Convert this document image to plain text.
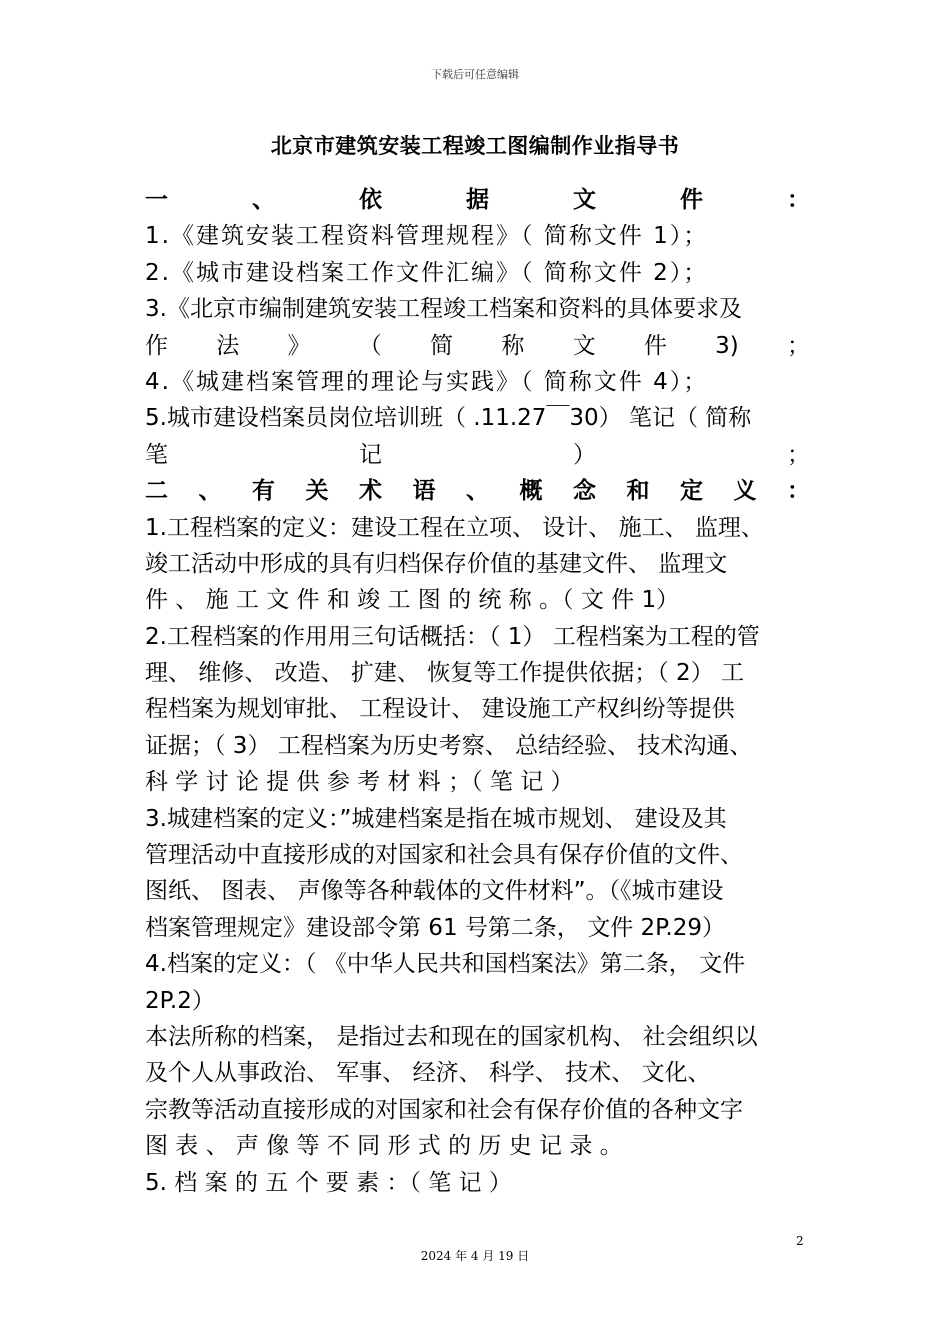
下载后可任意编辑
北京市建筑安装工程竣工图编制作业指导书
一	、	依	据	文	件	：
1.《建筑安装工程资料管理规程》（ 简称文件 1）；
2.《城市建设档案工作文件汇编》（ 简称文件 2）；
3.《北京市编制建筑安装工程竣工档案和资料的具体要求及
作 法 》 （ 简 称 文 件 3) ；
4.《城建档案管理的理论与实践》（ 简称文件 4）；
5.城市建设档案员岗位培训班（ .11.27￣30） 笔记（ 简称
笔	记	）	；
二 、 有 关 术 语 、 概 念 和 定 义 ：
1.工程档案的定义：建设工程在立项、 设计、 施工、 监理、
竣工活动中形成的具有归档保存价值的基建文件、 监理文
件 、 施 工 文 件 和 竣 工 图 的 统 称 。（ 文 件 1）
2.工程档案的作用用三句话概括：（ 1） 工程档案为工程的管
理、 维修、 改造、 扩建、 恢复等工作提供依据；（ 2） 工
程档案为规划审批、 工程设计、 建设施工产权纠纷等提供
证据；（ 3） 工程档案为历史考察、 总结经验、 技术沟通、
科 学 讨 论 提 供 参 考 材 料 ；（ 笔 记 ）
3.城建档案的定义：”城建档案是指在城市规划、 建设及其
管理活动中直接形成的对国家和社会具有保存价值的文件、
图纸、 图表、 声像等各种载体的文件材料”。（《城市建设
档案管理规定》建设部令第 61 号第二条， 文件 2P.29）
4.档案的定义：（ 《中华人民共和国档案法》第二条， 文件
2P.2）
本法所称的档案， 是指过去和现在的国家机构、 社会组织以
及个人从事政治、 军事、 经济、 科学、 技术、 文化、
宗教等活动直接形成的对国家和社会有保存价值的各种文字
图 表 、 声 像 等 不 同 形 式 的 历 史 记 录 。
5. 档 案 的 五 个 要 素 ：（ 笔 记 ）
2
2024 年 4 月 19 日
